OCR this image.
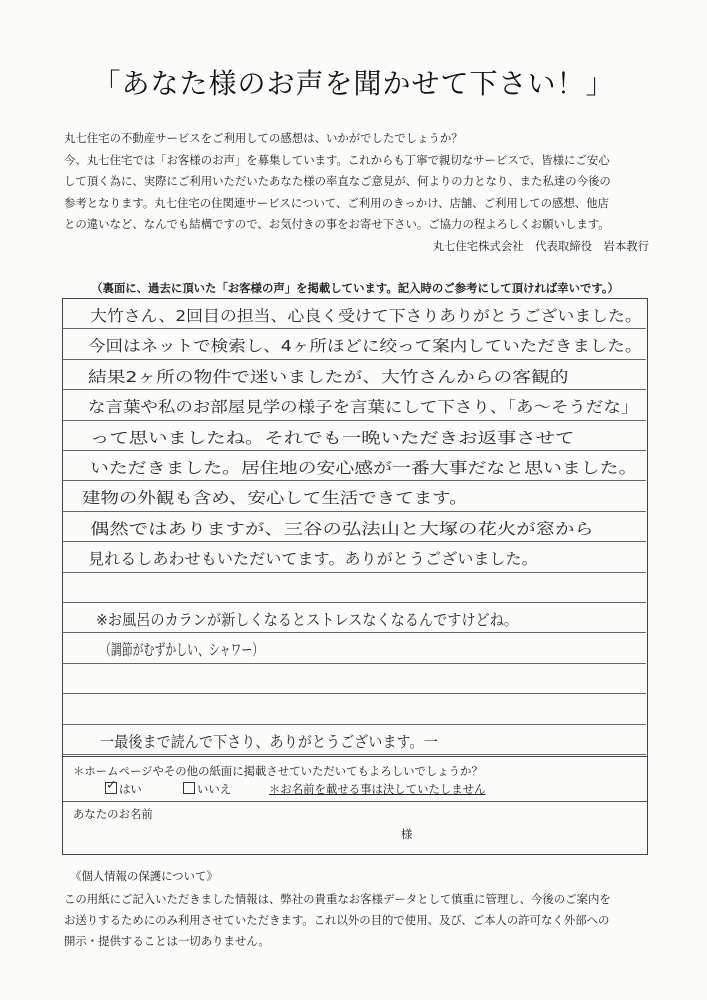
「あなた様のお声を聞かせて下さい！」

丸七住宅の不動産サービスをご利用しての感想は、いかがでしたでしょうか？

今、丸七住宅では「お客様のお声」を募集しています。これからも丁寧で親切なサービスで、皆様にご安心

して頂く為に、実際にご利用いただいたあなた様の率直なご意見が、何よりの力となり、また私達の今後の

参考となります。丸七住宅の住関連サービスについて、ご利用のきっかけ、店舗、ご利用しての感想、他店

との違いなど、なんでも結構ですので、お気付きの事をお寄せ下さい。ご協力の程よろしくお願いします。

丸七住宅株式会社　代表取締役　岩本教行
（裏面に、過去に頂いた「お客様の声」を掲載しています。記入時のご参考にして頂ければ幸いです。）
大竹さん、2回目の担当、心良く受けて下さりありがとうございました。
今回はネットで検索し、4ヶ所ほどに绞って案内していただきました。
結果2ヶ所の物件で迷いましたが、大竹さんからの客観的
な言葉や私のお部屋見学の様子を言葉にして下さり、「あ〜そうだな」
って思いましたね。それでも一晩いただきお返事させて
いただきました。居住地の安心感が一番大事だなと思いました。
建物の外観も含め、安心して生活できてます。
偶然ではありますが、三谷の弘法山と大塚の花火が窓から
見れるしあわせもいただいてます。ありがとうございました。
※お風呂のカランが新しくなるとストレスなくなるんですけどね。
（調節がむずかしい、シャワー）
一最後まで読んで下さり、ありがとうございます。一
＊ホームページやその他の紙面に掲載させていただいてもよろしいでしょうか？
✓はい	いいえ	＊お名前を載せる事は決していたしません
あなたのお名前
様
《個人情報の保護について》
この用紙にご記入いただきました情報は、弊社の貴重なお客様データとして慎重に管理し、今後のご案内を
お送りするためにのみ利用させていただきます。これ以外の目的で使用、及び、ご本人の許可なく外部への
開示・提供することは一切ありません。
